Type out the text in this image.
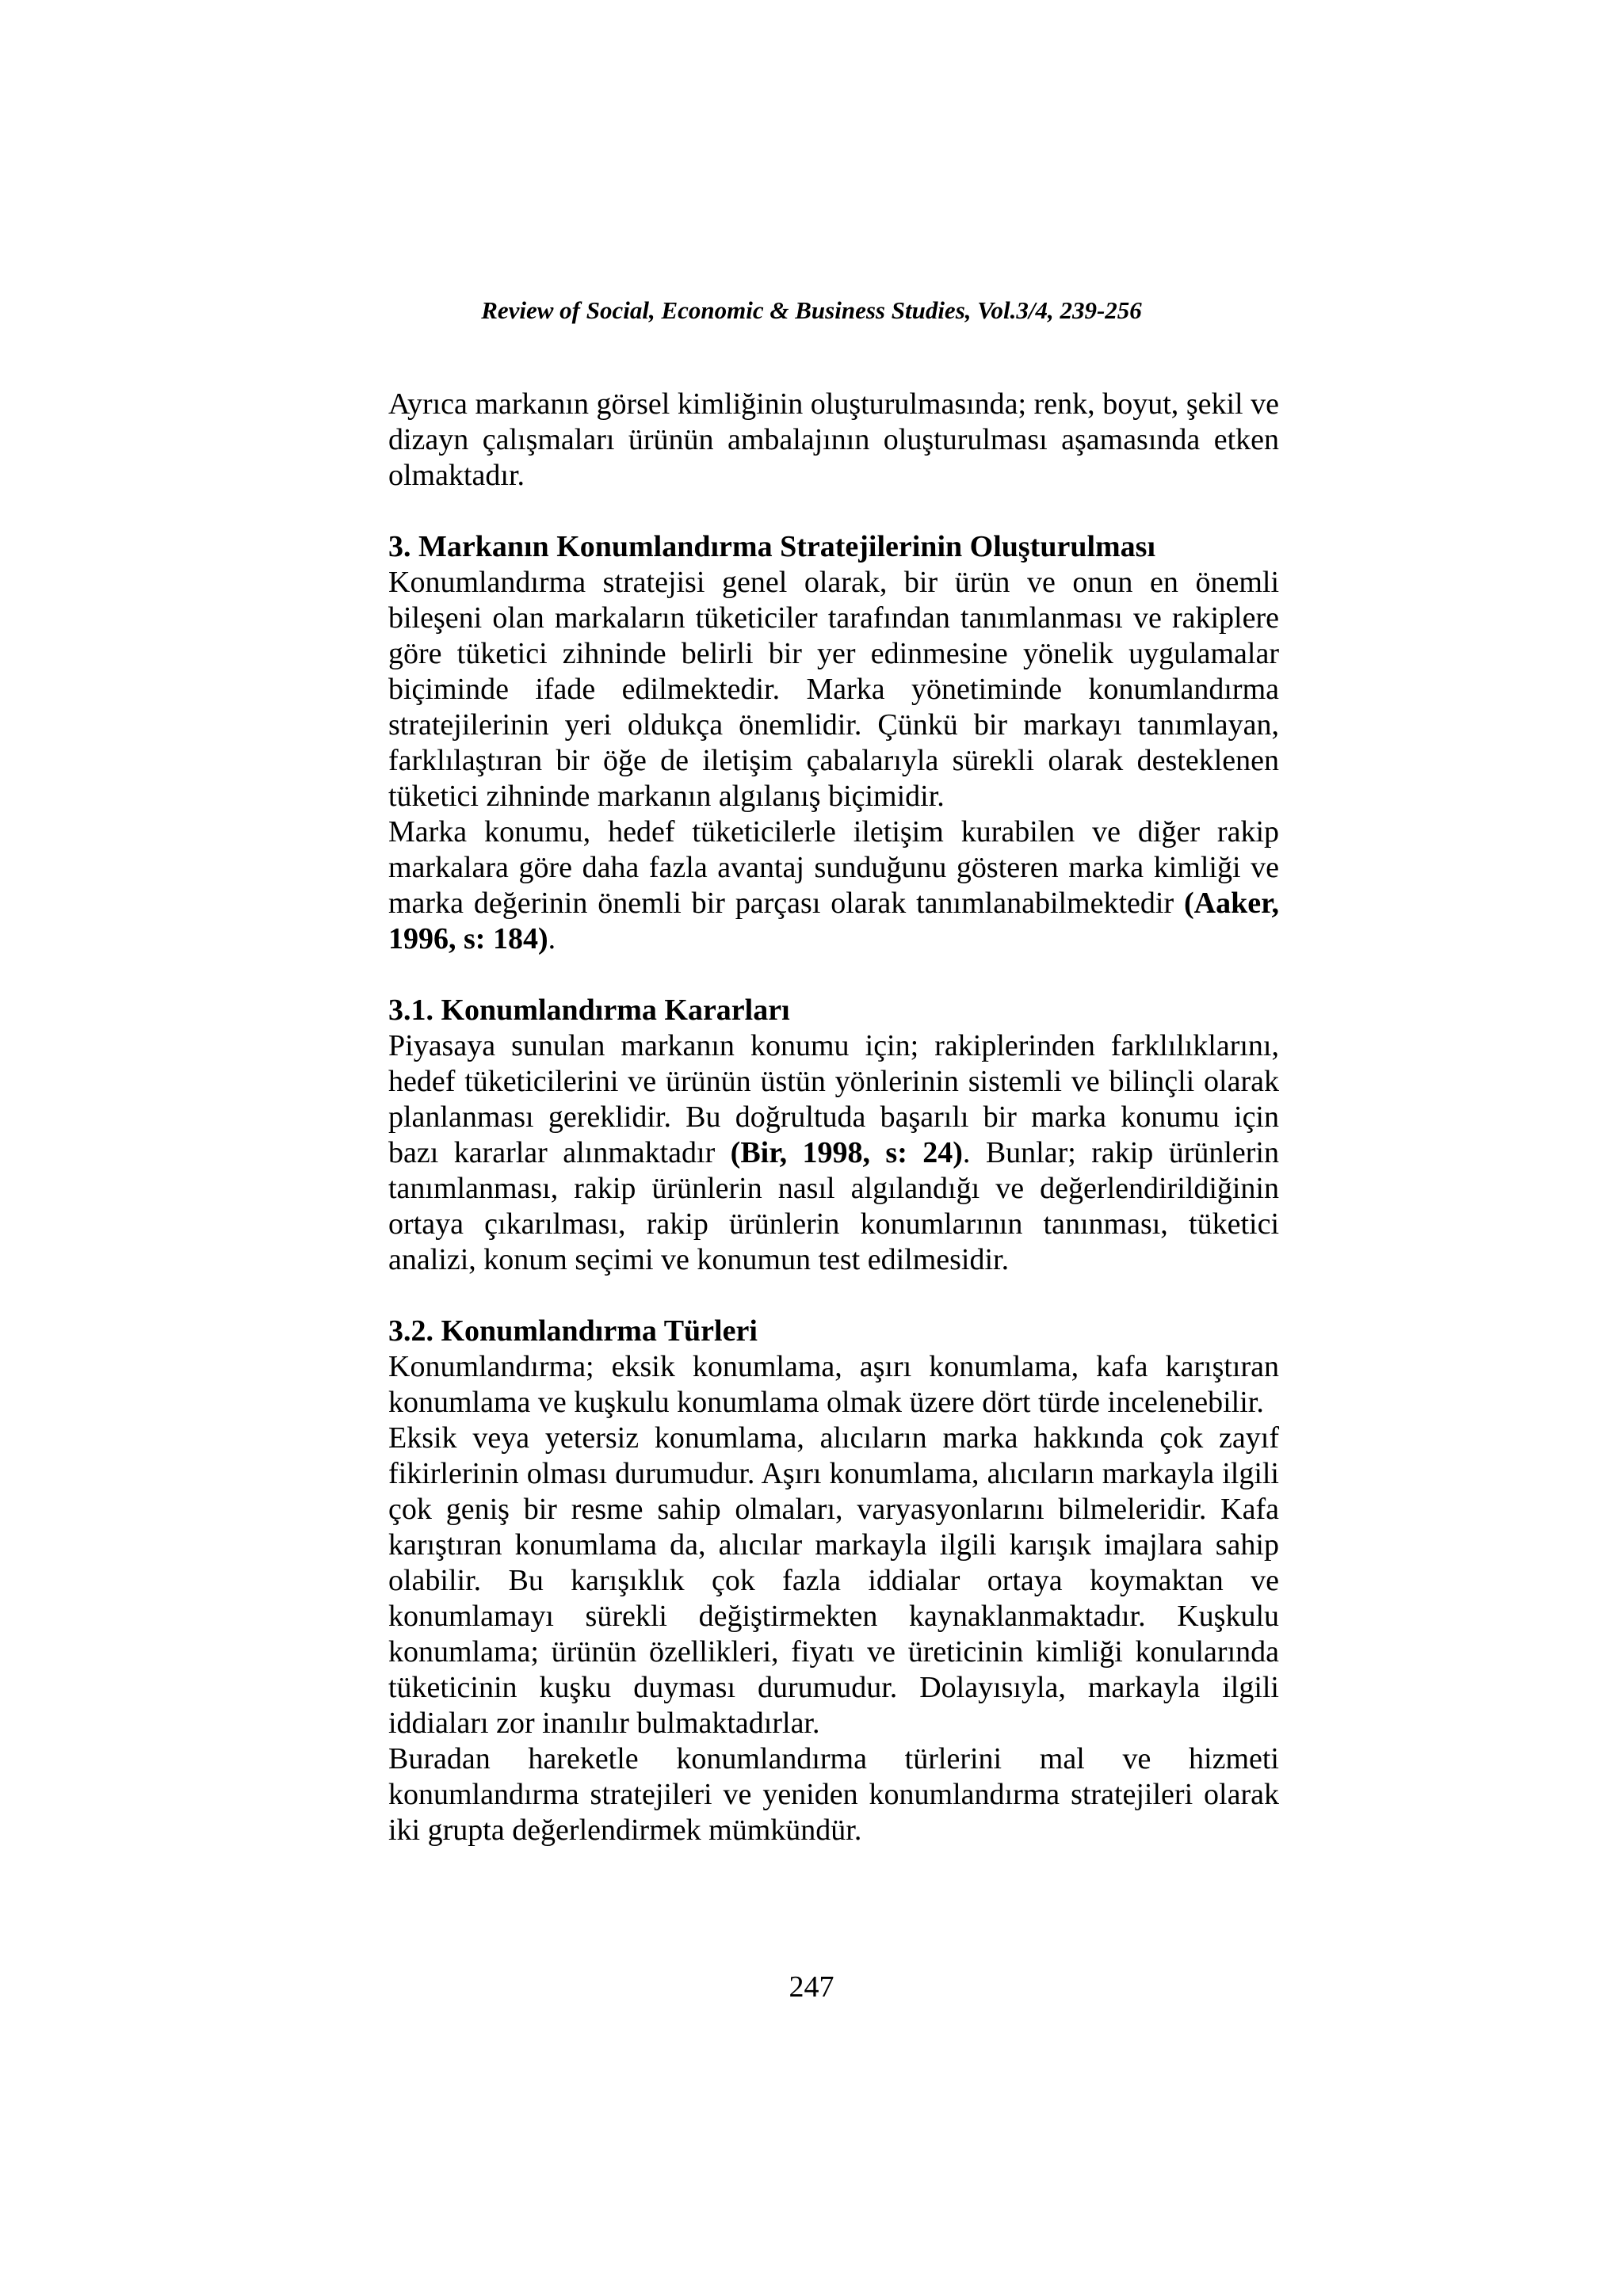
Review of Social, Economic & Business Studies, Vol.3/4, 239-256

Ayrıca markanın görsel kimliğinin oluşturulmasında; renk, boyut, şekil ve dizayn çalışmaları ürünün ambalajının oluşturulması aşamasında etken olmaktadır.

3. Markanın Konumlandırma Stratejilerinin Oluşturulması

Konumlandırma stratejisi genel olarak, bir ürün ve onun en önemli bileşeni olan markaların tüketiciler tarafından tanımlanması ve rakiplere göre tüketici zihninde belirli bir yer edinmesine yönelik uygulamalar biçiminde ifade edilmektedir. Marka yönetiminde konumlandırma stratejilerinin yeri oldukça önemlidir. Çünkü bir markayı tanımlayan, farklılaştıran bir öğe de iletişim çabalarıyla sürekli olarak desteklenen tüketici zihninde markanın algılanış biçimidir.

Marka konumu, hedef tüketicilerle iletişim kurabilen ve diğer rakip markalara göre daha fazla avantaj sunduğunu gösteren marka kimliği ve marka değerinin önemli bir parçası olarak tanımlanabilmektedir (Aaker, 1996, s: 184).

3.1. Konumlandırma Kararları

Piyasaya sunulan markanın konumu için; rakiplerinden farklılıklarını, hedef tüketicilerini ve ürünün üstün yönlerinin sistemli ve bilinçli olarak planlanması gereklidir. Bu doğrultuda başarılı bir marka konumu için bazı kararlar alınmaktadır (Bir, 1998, s: 24). Bunlar; rakip ürünlerin tanımlanması, rakip ürünlerin nasıl algılandığı ve değerlendirildiğinin ortaya çıkarılması, rakip ürünlerin konumlarının tanınması, tüketici analizi, konum seçimi ve konumun test edilmesidir.

3.2. Konumlandırma Türleri

Konumlandırma; eksik konumlama, aşırı konumlama, kafa karıştıran konumlama ve kuşkulu konumlama olmak üzere dört türde incelenebilir.

Eksik veya yetersiz konumlama, alıcıların marka hakkında çok zayıf fikirlerinin olması durumudur. Aşırı konumlama, alıcıların markayla ilgili çok geniş bir resme sahip olmaları, varyasyonlarını bilmeleridir. Kafa karıştıran konumlama da, alıcılar markayla ilgili karışık imajlara sahip olabilir. Bu karışıklık çok fazla iddialar ortaya koymaktan ve konumlamayı sürekli değiştirmekten kaynaklanmaktadır. Kuşkulu konumlama; ürünün özellikleri, fiyatı ve üreticinin kimliği konularında tüketicinin kuşku duyması durumudur. Dolayısıyla, markayla ilgili iddiaları zor inanılır bulmaktadırlar.

Buradan hareketle konumlandırma türlerini mal ve hizmeti konumlandırma stratejileri ve yeniden konumlandırma stratejileri olarak iki grupta değerlendirmek mümkündür.

247
